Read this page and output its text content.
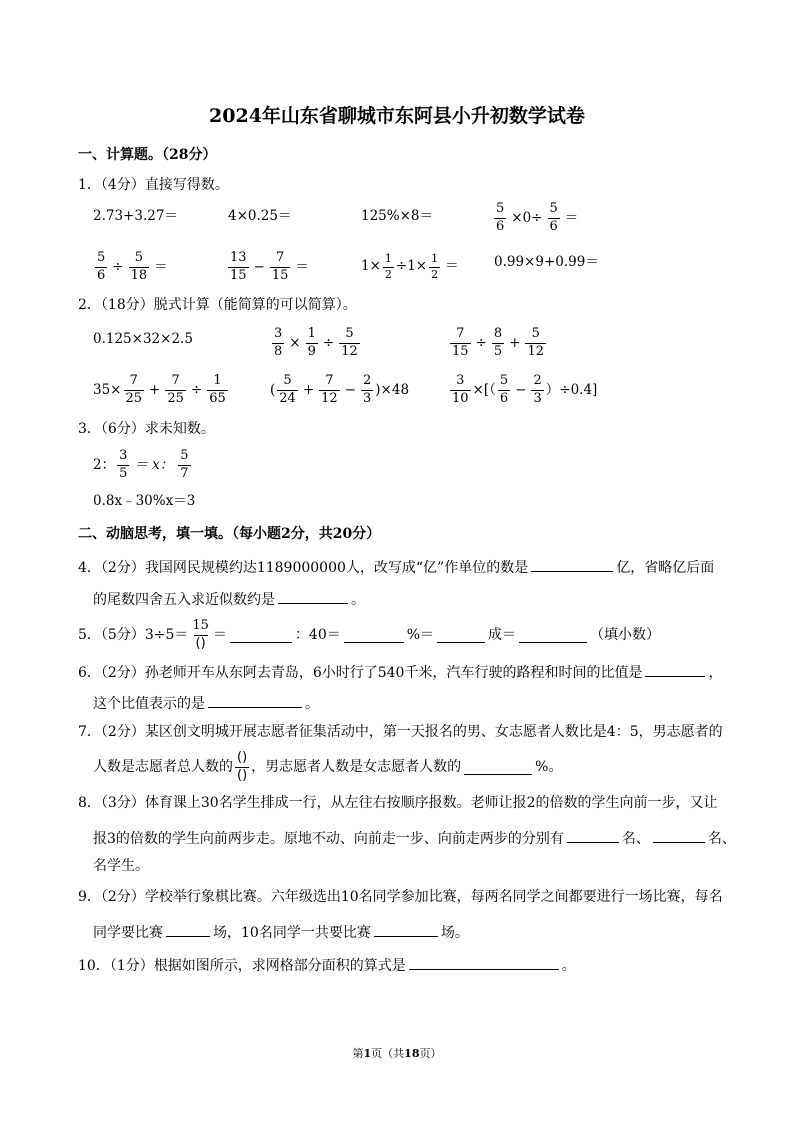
2024年山东省聊城市东阿县小升初数学试卷
一、计算题。（28分）
1．（4分）直接写得数。
2.73+3.27＝	4×0.25＝	125%×8＝	$\frac{5}{6} \times 0\div \frac{5}{6}$ ＝
$\frac{5}{6} \div \frac{5}{18}$ ＝	$\frac{13}{15} - \frac{7}{15}$ ＝	$1\times \frac{1}{2} \div 1\times \frac{1}{2}$ ＝	0.99×9+0.99＝
2．（18分）脱式计算（能简算的可以简算）。
0.125×32×2.5	$\frac{3}{8} \times \frac{1}{9} \div \frac{5}{12}$	$\frac{7}{15} \div \frac{8}{5} + \frac{5}{12}$
$35\times \frac{7}{25} + \frac{7}{25} \div \frac{1}{65}$	( $\frac{5}{24} + \frac{7}{12} - \frac{2}{3} )\times 48$	$\frac{3}{10}$ ×[（ $\frac{5}{6} - \frac{2}{3} )\div 0.4$]
3．（6分）求未知数。
2： $\frac{3}{5} = x$： $\frac{5}{7}$
0.8x﹣30%x＝3
二、动脑思考，填一填。（每小题2分，共20分）
4．（2分）我国网民规模约达1189000000人，改写成“亿”作单位的数是	亿，省略亿后面
的尾数四舍五入求近似数约是	。
5．（5分）$3\div 5= \frac{15}{()}$ ＝	：40＝	%＝	成＝	（填小数）
6．（2分）孙老师开车从东阿去青岛，6小时行了540千米，汽车行驶的路程和时间的比值是	，
这个比值表示的是	。
7．（2分）某区创文明城开展志愿者征集活动中，第一天报名的男、女志愿者人数比是4：5，男志愿者的
人数是志愿者总人数的 $\frac{()}{()}$ ，男志愿者人数是女志愿者人数的	%。
8．（3分）体育课上30名学生排成一行，从左往右按顺序报数。老师让报2的倍数的学生向前一步，又让
报3的倍数的学生向前两步走。原地不动、向前走一步、向前走两步的分别有	名、	名、
名学生。
9．（2分）学校举行象棋比赛。六年级选出10名同学参加比赛，每两名同学之间都要进行一场比赛，每名
同学要比赛	场，10名同学一共要比赛	场。
10．（1分）根据如图所示，求网格部分面积的算式是	。
第1页（共18页）
